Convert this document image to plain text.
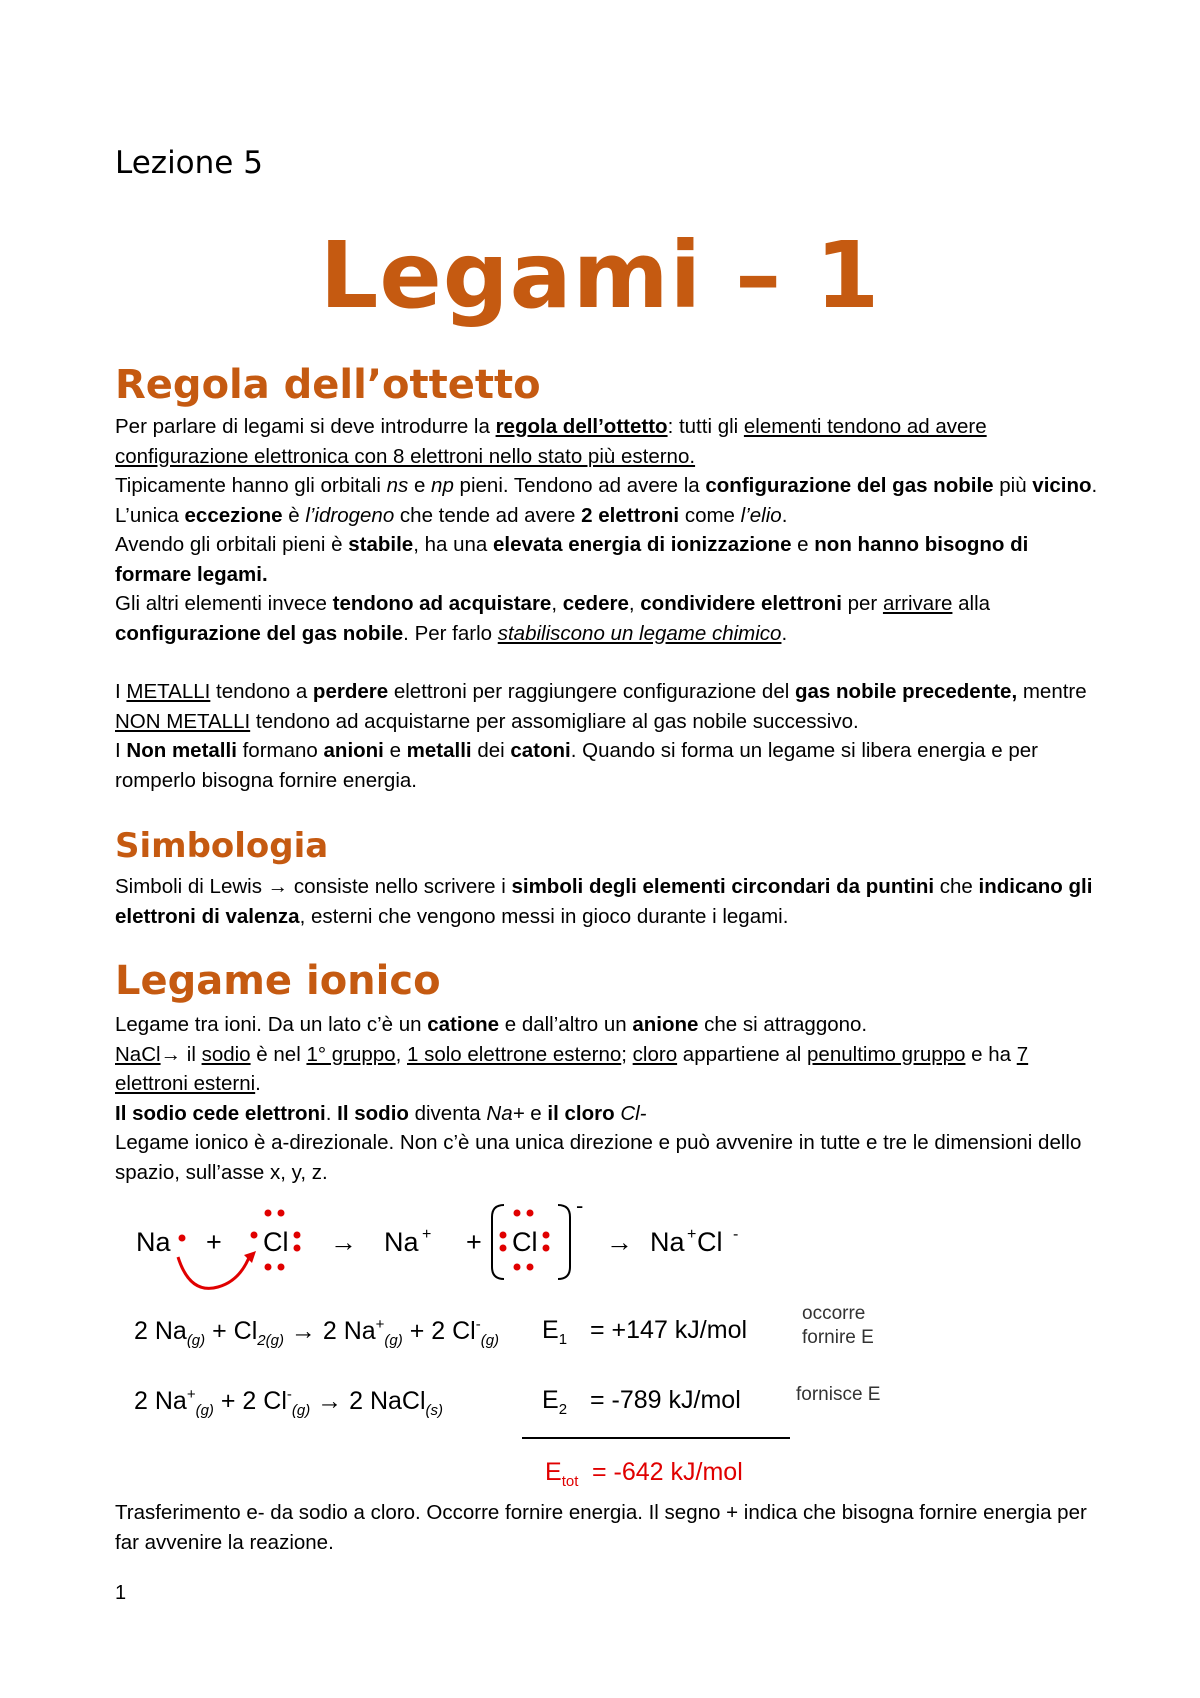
Lezione 5
Legami – 1
Regola dell’ottetto

Per parlare di legami si deve introdurre la regola dell’ottetto: tutti gli elementi tendono ad avere configurazione elettronica con 8 elettroni nello stato più esterno.

Tipicamente hanno gli orbitali ns e np pieni. Tendono ad avere la configurazione del gas nobile più vicino. L’unica eccezione è l’idrogeno che tende ad avere 2 elettroni come l’elio.

Avendo gli orbitali pieni è stabile, ha una elevata energia di ionizzazione e non hanno bisogno di formare legami.

Gli altri elementi invece tendono ad acquistare, cedere, condividere elettroni per arrivare alla configurazione del gas nobile. Per farlo stabiliscono un legame chimico.

I METALLI tendono a perdere elettroni per raggiungere configurazione del gas nobile precedente, mentre NON METALLI tendono ad acquistarne per assomigliare al gas nobile successivo.

I Non metalli formano anioni e metalli dei catoni. Quando si forma un legame si libera energia e per romperlo bisogna fornire energia.

Simbologia

Simboli di Lewis → consiste nello scrivere i simboli degli elementi circondari da puntini che indicano gli elettroni di valenza, esterni che vengono messi in gioco durante i legami.

Legame ionico

Legame tra ioni. Da un lato c’è un catione e dall’altro un anione che si attraggono.

NaCl→ il sodio è nel 1° gruppo, 1 solo elettrone esterno; cloro appartiene al penultimo gruppo e ha 7 elettroni esterni.

Il sodio cede elettroni. Il sodio diventa Na+ e il cloro Cl-

Legame ionico è a-direzionale. Non c’è una unica direzione e può avvenire in tutte e tre le dimensioni dello spazio, sull’asse x, y, z.

Na + Cl → Na + + Cl
-
→ Na + Cl -
2 $Na_{(g)} + Cl_{2(g)} \to 2$ $Na^+_{(g)} + 2$ $Cl^-_{(g)}$ $E_1 = +147$ kJ/mol
occorre
fornire E
2 $Na^+_{(g)} + 2$ $Cl^-_{(g)} \to 2$ NaCl$_{(s)}$	$E_2 = -789$ kJ/mol	fornisce E
$E_{tot} = -642$ kJ/mol

Trasferimento e- da sodio a cloro. Occorre fornire energia. Il segno + indica che bisogna fornire energia per far avvenire la reazione.

1
